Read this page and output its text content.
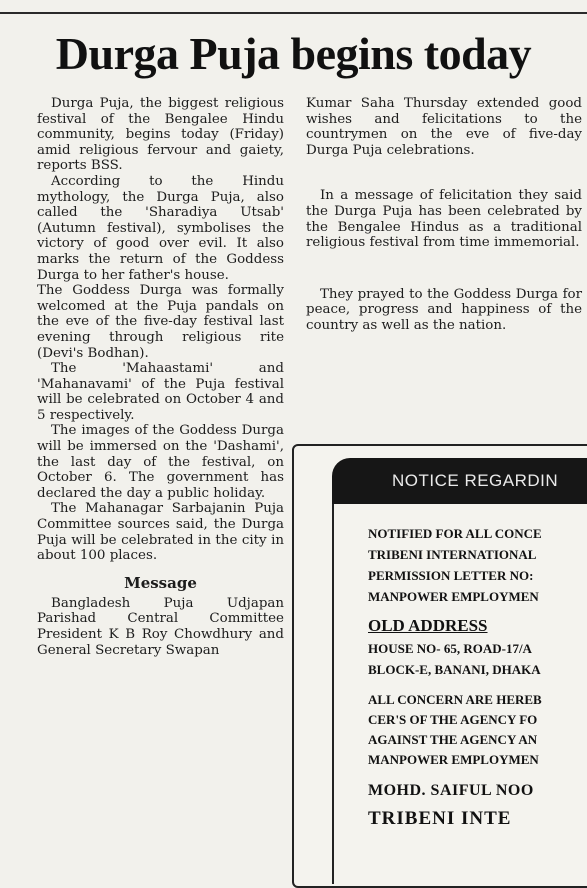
Durga Puja begins today

Durga Puja, the biggest religious festival of the Bengalee Hindu community, begins today (Friday) amid religious fervour and gaiety, reports BSS.

According to the Hindu mythology, the Durga Puja, also called the 'Sharadiya Utsab' (Autumn festival), symbolises the victory of good over evil. It also marks the return of the Goddess Durga to her father's house.

The Goddess Durga was formally welcomed at the Puja pandals on the eve of the five-day festival last evening through religious rite (Devi's Bodhan).

The 'Mahaastami' and 'Mahanavami' of the Puja festival will be celebrated on October 4 and 5 respectively.

The images of the Goddess Durga will be immersed on the 'Dashami', the last day of the festival, on October 6. The government has declared the day a public holiday.

The Mahanagar Sarbajanin Puja Committee sources said, the Durga Puja will be celebrated in the city in about 100 places.

Message

Bangladesh Puja Udjapan Parishad Central Committee President K B Roy Chowdhury and General Secretary Swapan

Kumar Saha Thursday extended good wishes and felicitations to the countrymen on the eve of five-day Durga Puja celebrations.

In a message of felicitation they said the Durga Puja has been celebrated by the Bengalee Hindus as a traditional religious festival from time immemorial.

They prayed to the Goddess Durga for peace, progress and happiness of the country as well as the nation.

NOTICE REGARDIN
NOTIFIED FOR ALL CONCE
TRIBENI INTERNATIONAL
PERMISSION LETTER NO:
MANPOWER EMPLOYMEN
OLD ADDRESS
HOUSE NO- 65, ROAD-17/A
BLOCK-E, BANANI, DHAKA
ALL CONCERN ARE HEREB
CER'S OF THE AGENCY FO
AGAINST THE AGENCY AN
MANPOWER EMPLOYMEN
MOHD. SAIFUL NOO
TRIBENI INTE
